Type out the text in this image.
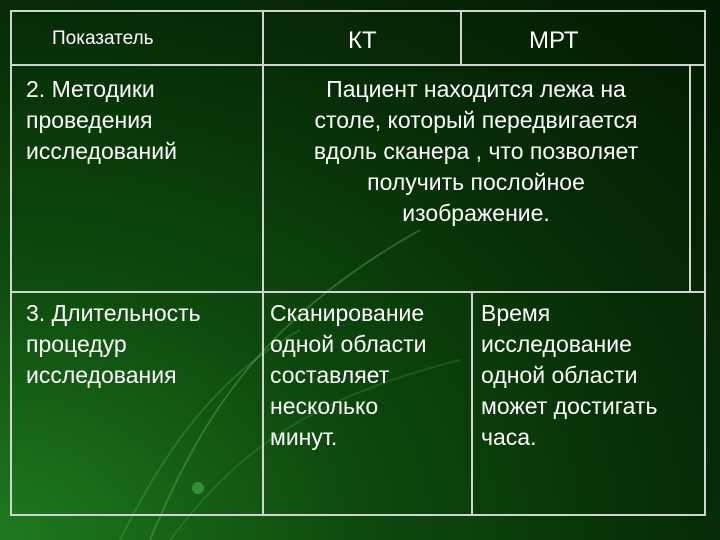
Показатель	КТ	МРТ
2. Методики
проведения
исследований
Пациент находится лежа на
столе, который передвигается
вдоль сканера , что позволяет
получить послойное
изображение.
3. Длительность
процедур
исследования
Сканирование
одной области
составляет
несколько
минут.
Время
исследование
одной области
может достигать
часа.
